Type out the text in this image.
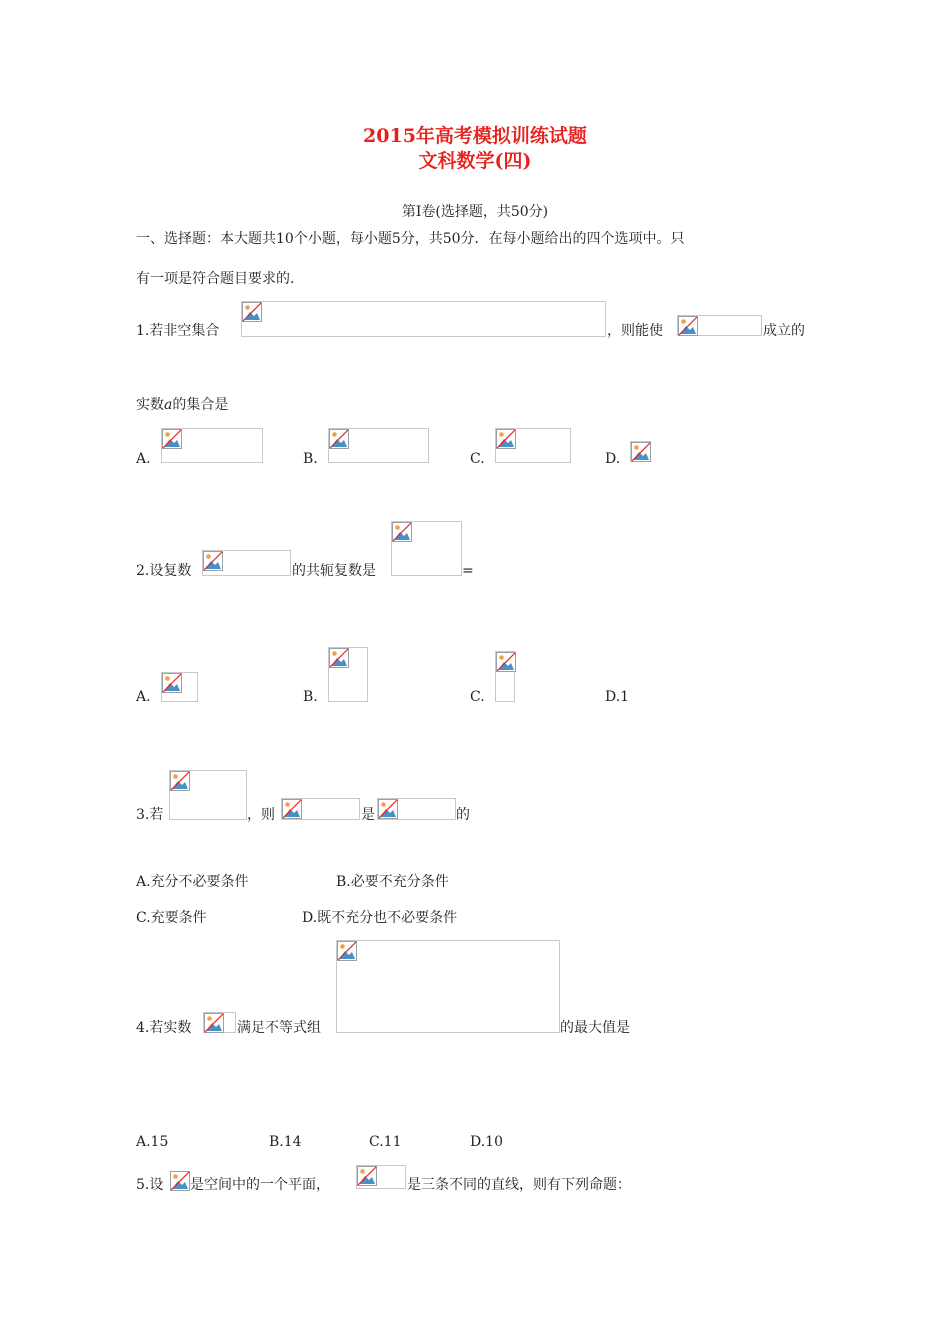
2015年高考模拟训练试题
文科数学(四)
第Ⅰ卷(选择题，共50分)
一、选择题：本大题共10个小题，每小题5分，共50分．在每小题给出的四个选项中。只
有一项是符合题目要求的.
1.若非空集合	，则能使	成立的
实数a的集合是
A.	B.	C.	D.
2.设复数	的共轭复数是	=
A.	B.	C.	D.1
3.若	，则	是	的
A.充分不必要条件	B.必要不充分条件
C.充要条件	D.既不充分也不必要条件
4.若实数	满足不等式组	的最大值是
A.15	B.14	C.11	D.10
5.设 是空间中的一个平面，	是三条不同的直线，则有下列命题：
